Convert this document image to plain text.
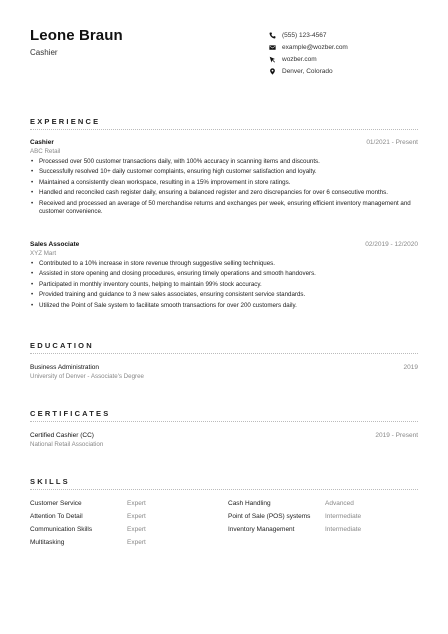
Leone Braun
Cashier
(555) 123-4567
example@wozber.com
wozber.com
Denver, Colorado
EXPERIENCE
Cashier	01/2021 - Present
ABC Retail
• Processed over 500 customer transactions daily, with 100% accuracy in scanning items and discounts.
• Successfully resolved 10+ daily customer complaints, ensuring high customer satisfaction and loyalty.
• Maintained a consistently clean workspace, resulting in a 15% improvement in store ratings.
• Handled and reconciled cash register daily, ensuring a balanced register and zero discrepancies for over 6 consecutive months.
• Received and processed an average of 50 merchandise returns and exchanges per week, ensuring efficient inventory management and customer convenience.
Sales Associate	02/2019 - 12/2020
XYZ Mart
• Contributed to a 10% increase in store revenue through suggestive selling techniques.
• Assisted in store opening and closing procedures, ensuring timely operations and smooth handovers.
• Participated in monthly inventory counts, helping to maintain 99% stock accuracy.
• Provided training and guidance to 3 new sales associates, ensuring consistent service standards.
• Utilized the Point of Sale system to facilitate smooth transactions for over 200 customers daily.
EDUCATION
Business Administration	2019
University of Denver - Associate's Degree
CERTIFICATES
Certified Cashier (CC)	2019 - Present
National Retail Association
SKILLS
Customer Service	Expert
Attention To Detail	Expert
Communication Skills	Expert
Multitasking	Expert
Cash Handling	Advanced
Point of Sale (POS) systems	Intermediate
Inventory Management	Intermediate
